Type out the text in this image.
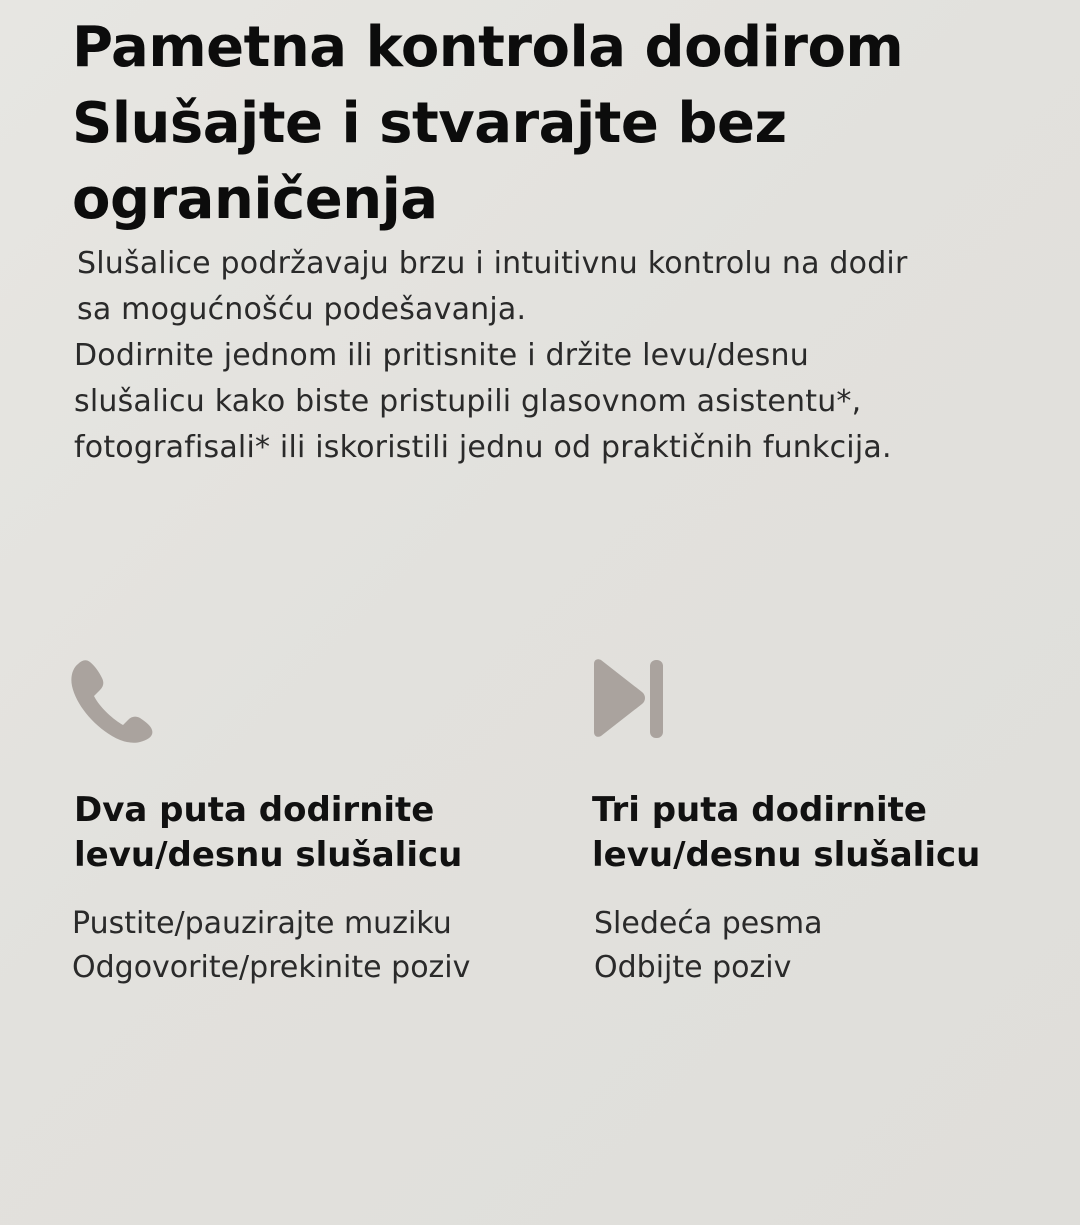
Pametna kontrola dodirom
Slušajte i stvarajte bez
ograničenja
Slušalice podržavaju brzu i intuitivnu kontrolu na dodir
sa mogućnošću podešavanja.
Dodirnite jednom ili pritisnite i držite levu/desnu
slušalicu kako biste pristupili glasovnom asistentu*,
fotografisali* ili iskoristili jednu od praktičnih funkcija.
Dva puta dodirnite
levu/desnu slušalicu
Pustite/pauzirajte muziku
Odgovorite/prekinite poziv
Tri puta dodirnite
levu/desnu slušalicu
Sledeća pesma
Odbijte poziv
